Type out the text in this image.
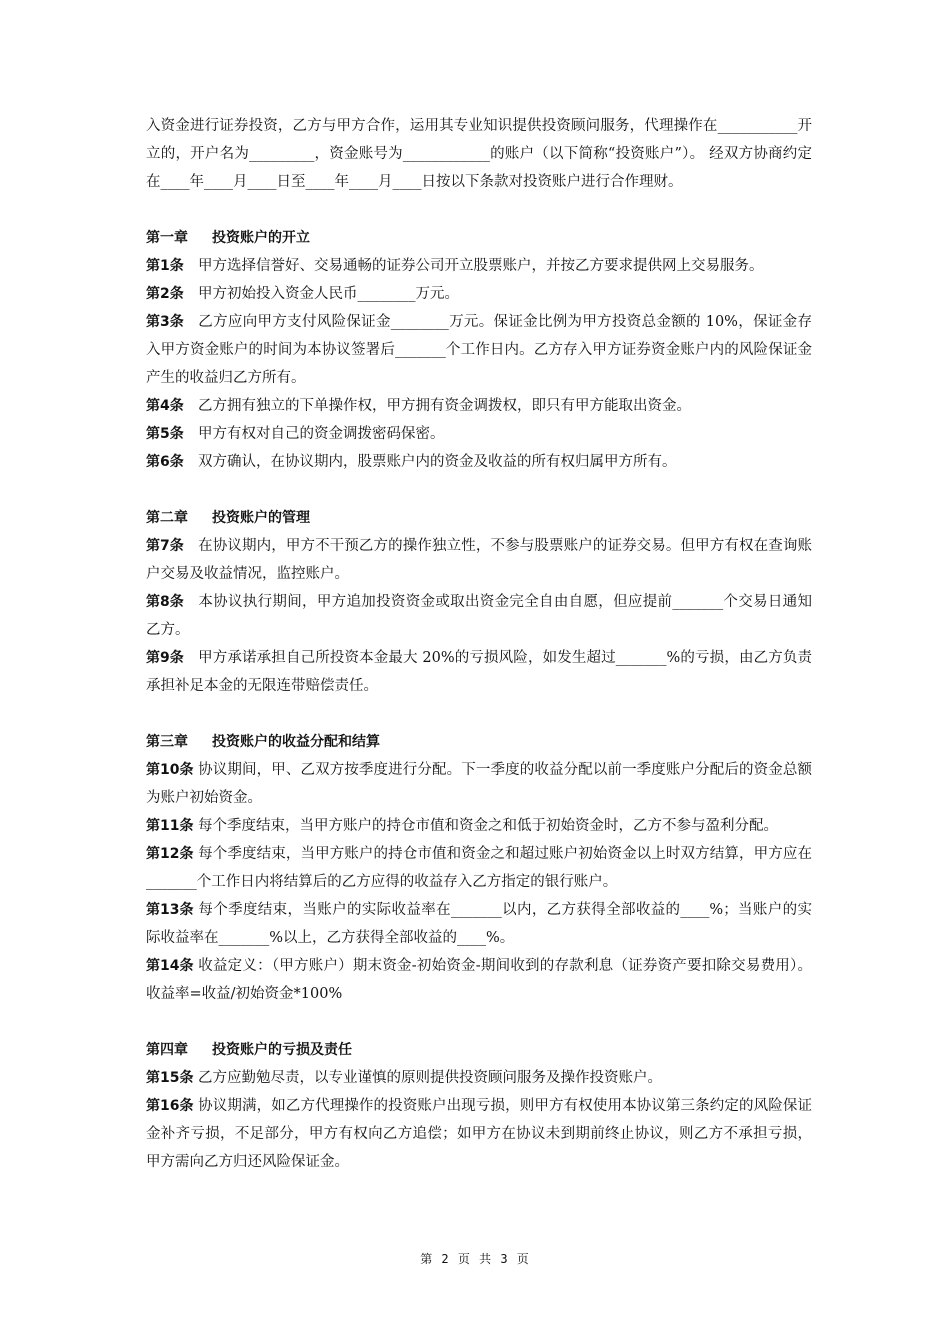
入资金进行证券投资，乙方与甲方合作，运用其专业知识提供投资顾问服务，代理操作在___________开立的，开户名为_________，资金账号为____________的账户（以下简称“投资账户”）。 经双方协商约定在____年____月____日至____年____月____日按以下条款对投资账户进行合作理财。

第一章 投资账户的开立

第1条 甲方选择信誉好、交易通畅的证券公司开立股票账户，并按乙方要求提供网上交易服务。

第2条 甲方初始投入资金人民币________万元。

第3条 乙方应向甲方支付风险保证金________万元。保证金比例为甲方投资总金额的 10%，保证金存入甲方资金账户的时间为本协议签署后_______个工作日内。乙方存入甲方证券资金账户内的风险保证金产生的收益归乙方所有。

第4条 乙方拥有独立的下单操作权，甲方拥有资金调拨权，即只有甲方能取出资金。

第5条 甲方有权对自己的资金调拨密码保密。

第6条 双方确认，在协议期内，股票账户内的资金及收益的所有权归属甲方所有。

第二章 投资账户的管理

第7条 在协议期内，甲方不干预乙方的操作独立性，不参与股票账户的证券交易。但甲方有权在查询账户交易及收益情况，监控账户。

第8条 本协议执行期间，甲方追加投资资金或取出资金完全自由自愿，但应提前_______个交易日通知乙方。

第9条 甲方承诺承担自己所投资本金最大 20%的亏损风险，如发生超过_______%的亏损，由乙方负责承担补足本金的无限连带赔偿责任。

第三章 投资账户的收益分配和结算

第10条 协议期间，甲、乙双方按季度进行分配。下一季度的收益分配以前一季度账户分配后的资金总额为账户初始资金。

第11条 每个季度结束，当甲方账户的持仓市值和资金之和低于初始资金时，乙方不参与盈利分配。

第12条 每个季度结束，当甲方账户的持仓市值和资金之和超过账户初始资金以上时双方结算，甲方应在_______个工作日内将结算后的乙方应得的收益存入乙方指定的银行账户。

第13条 每个季度结束，当账户的实际收益率在_______以内，乙方获得全部收益的____%；当账户的实际收益率在_______%以上，乙方获得全部收益的____%。

第14条 收益定义：（甲方账户）期末资金-初始资金-期间收到的存款利息（证券资产要扣除交易费用）。收益率=收益/初始资金*100%

第四章 投资账户的亏损及责任

第15条 乙方应勤勉尽责，以专业谨慎的原则提供投资顾问服务及操作投资账户。

第16条 协议期满，如乙方代理操作的投资账户出现亏损，则甲方有权使用本协议第三条约定的风险保证金补齐亏损，不足部分，甲方有权向乙方追偿；如甲方在协议未到期前终止协议，则乙方不承担亏损，甲方需向乙方归还风险保证金。

第 2 页 共 3 页
